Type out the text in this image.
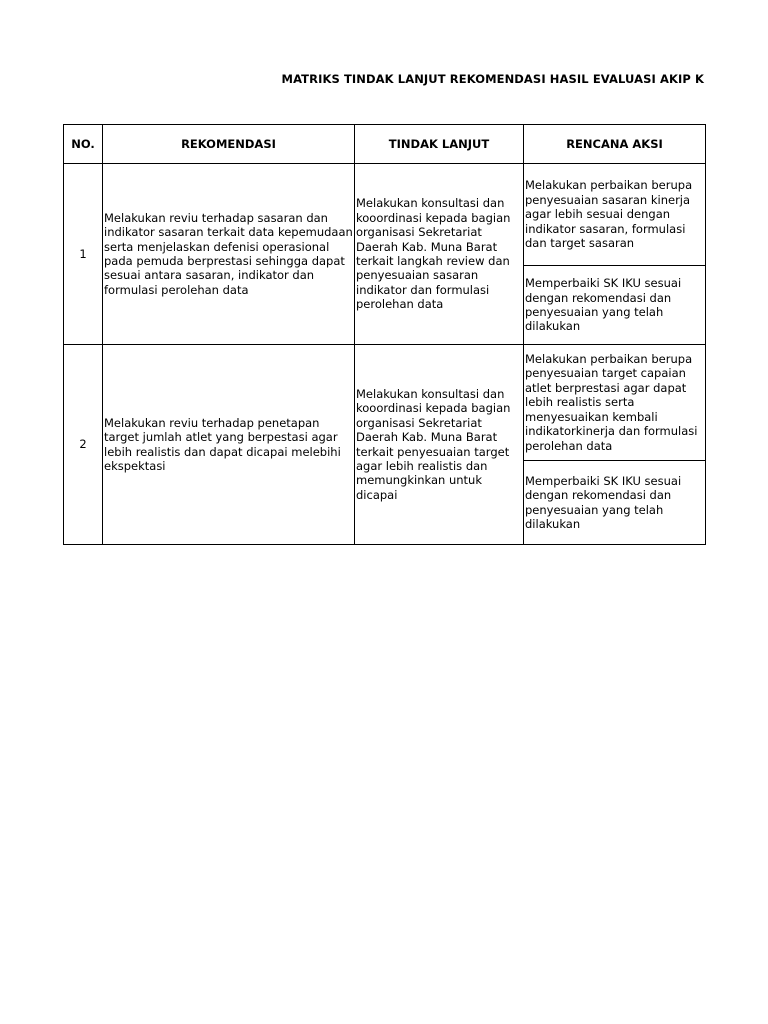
MATRIKS TINDAK LANJUT REKOMENDASI HASIL EVALUASI AKIP K
NO.	REKOMENDASI	TINDAK LANJUT	RENCANA AKSI
1	Melakukan reviu terhadap sasaran dan indikator sasaran terkait data kepemudaan serta menjelaskan defenisi operasional pada pemuda berprestasi sehingga dapat sesuai antara sasaran, indikator dan formulasi perolehan data	Melakukan konsultasi dan kooordinasi kepada bagian organisasi Sekretariat Daerah Kab. Muna Barat terkait langkah review dan penyesuaian sasaran indikator dan formulasi perolehan data	Melakukan perbaikan berupa penyesuaian sasaran kinerja agar lebih sesuai dengan indikator sasaran, formulasi dan target sasaran
			Memperbaiki SK IKU sesuai dengan rekomendasi dan penyesuaian yang telah dilakukan
2	Melakukan reviu terhadap penetapan target jumlah atlet yang berpestasi agar lebih realistis dan dapat dicapai melebihi ekspektasi	Melakukan konsultasi dan kooordinasi kepada bagian organisasi Sekretariat Daerah Kab. Muna Barat terkait penyesuaian target agar lebih realistis dan memungkinkan untuk dicapai	Melakukan perbaikan berupa penyesuaian target capaian atlet berprestasi agar dapat lebih realistis serta menyesuaikan kembali indikatorkinerja dan formulasi perolehan data
			Memperbaiki SK IKU sesuai dengan rekomendasi dan penyesuaian yang telah dilakukan
